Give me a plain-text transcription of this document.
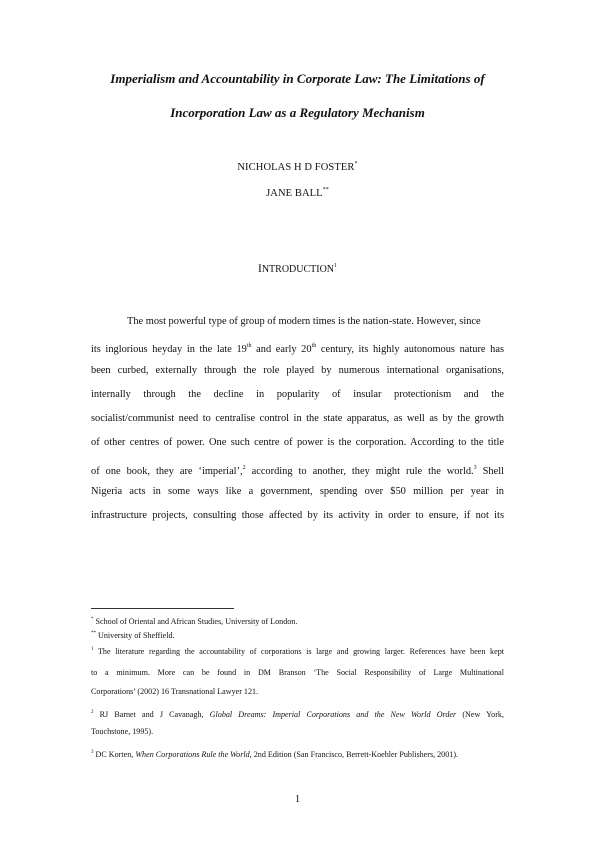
Imperialism and Accountability in Corporate Law: The Limitations of
Incorporation Law as a Regulatory Mechanism
NICHOLAS H D FOSTER*
JANE BALL**
INTRODUCTION$^1$
The most powerful type of group of modern times is the nation-state. However, since
its inglorious heyday in the late 19th and early 20th century, its highly autonomous nature has
been curbed, externally through the role played by numerous international organisations,
internally through the decline in popularity of insular protectionism and the
socialist/communist need to centralise control in the state apparatus, as well as by the growth
of other centres of power. One such centre of power is the corporation. According to the title
of one book, they are ‘imperial’,$^2$ according to another, they might rule the world.$^3$ Shell
Nigeria acts in some ways like a government, spending over $50 million per year in
infrastructure projects, consulting those affected by its activity in order to ensure, if not its
* School of Oriental and African Studies, University of London.
** University of Sheffield.
$^1$ The literature regarding the accountability of corporations is large and growing larger. References have been kept
to a minimum. More can be found in DM Branson ‘The Social Responsibility of Large Multinational
Corporations’ (2002) 16 Transnational Lawyer 121.
$^2$ RJ Barnet and J Cavanagh, Global Dreams: Imperial Corporations and the New World Order (New York,
Touchstone, 1995).
$^3$ DC Korten, When Corporations Rule the World, 2nd Edition (San Francisco, Berrett-Koehler Publishers, 2001).
1
